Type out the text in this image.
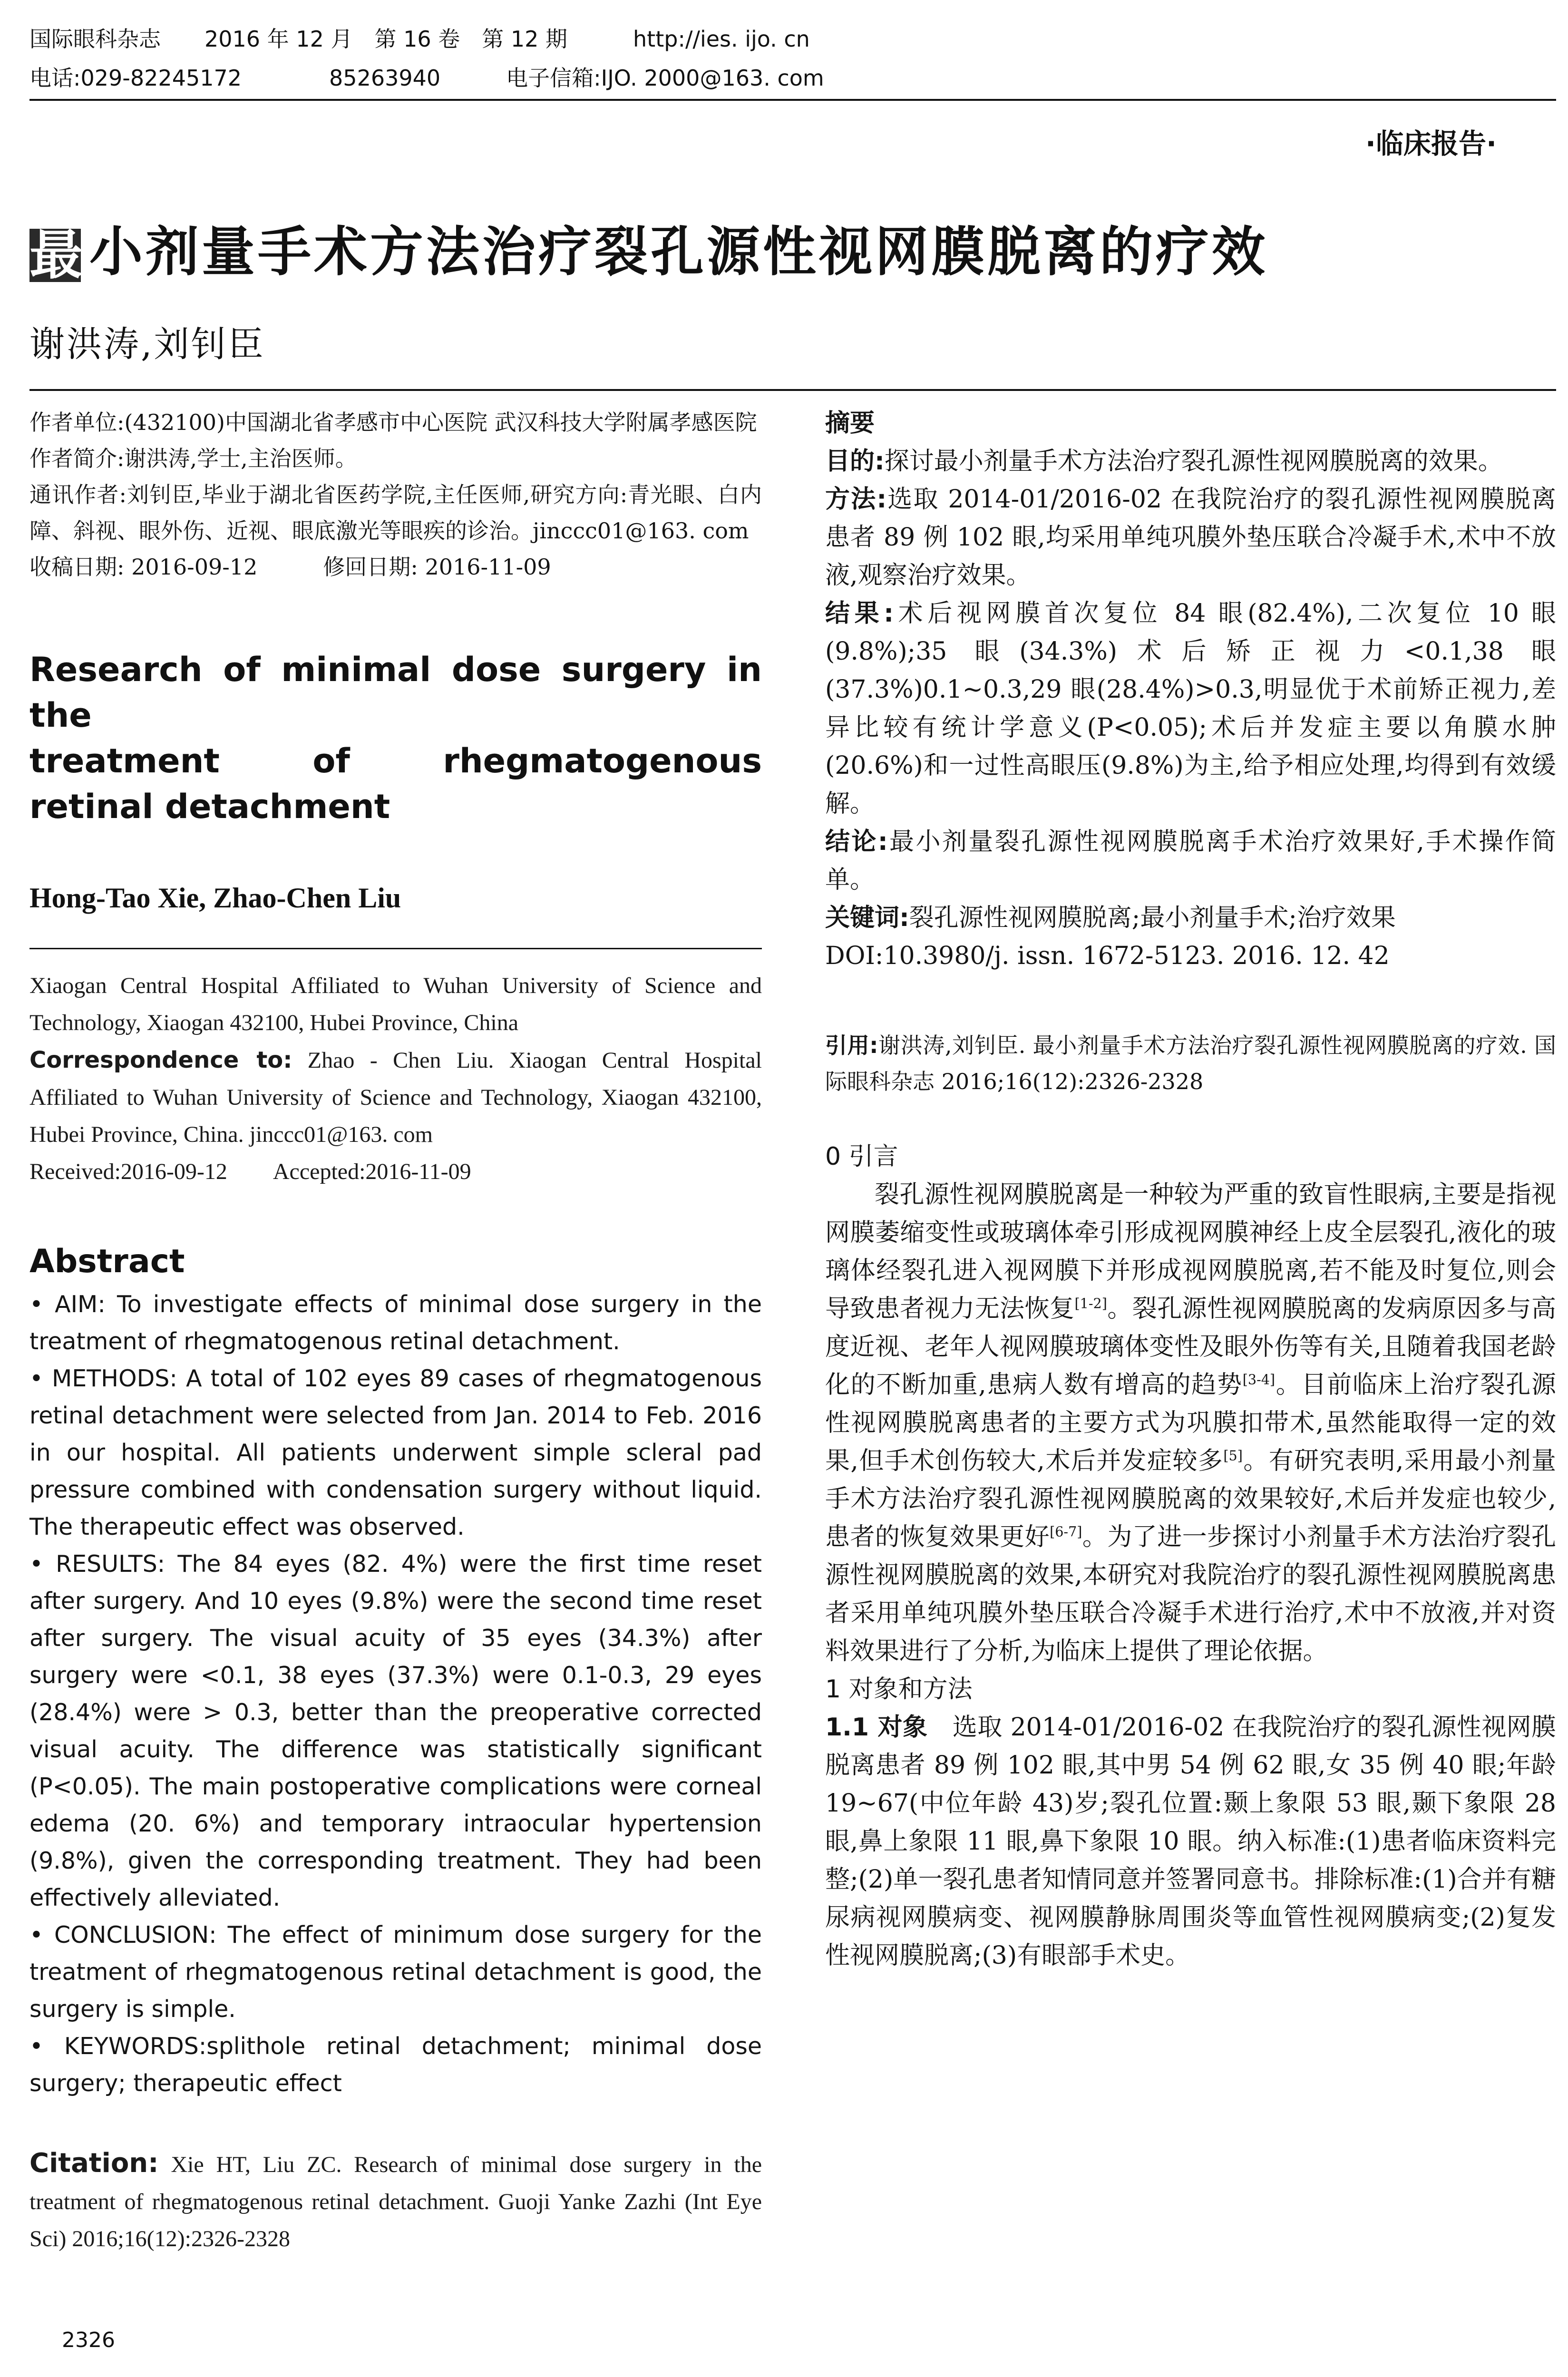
国际眼科杂志　　2016 年 12 月　第 16 卷　第 12 期　　　http://ies. ijo. cn
电话:029-82245172　　　　85263940　　　电子信箱:IJO. 2000@163. com
·临床报告·
最小剂量手术方法治疗裂孔源性视网膜脱离的疗效
谢洪涛,刘钊臣
作者单位:(432100)中国湖北省孝感市中心医院 武汉科技大学附属孝感医院
作者简介:谢洪涛,学士,主治医师。
通讯作者:刘钊臣,毕业于湖北省医药学院,主任医师,研究方向:青光眼、白内障、斜视、眼外伤、近视、眼底激光等眼疾的诊治。jinccc01@163. com
收稿日期: 2016-09-12　　　修回日期: 2016-11-09
Research of minimal dose surgery in the
treatment of rhegmatogenous
retinal detachment
Hong-Tao Xie, Zhao-Chen Liu
Xiaogan Central Hospital Affiliated to Wuhan University of Science and Technology, Xiaogan 432100, Hubei Province, China
Correspondence to: Zhao - Chen Liu. Xiaogan Central Hospital Affiliated to Wuhan University of Science and Technology, Xiaogan 432100, Hubei Province, China. jinccc01@163. com
Received:2016-09-12　　Accepted:2016-11-09
Abstract

• AIM: To investigate effects of minimal dose surgery in the treatment of rhegmatogenous retinal detachment.

• METHODS: A total of 102 eyes 89 cases of rhegmatogenous retinal detachment were selected from Jan. 2014 to Feb. 2016 in our hospital. All patients underwent simple scleral pad pressure combined with condensation surgery without liquid. The therapeutic effect was observed.

• RESULTS: The 84 eyes (82. 4%) were the first time reset after surgery. And 10 eyes (9.8%) were the second time reset after surgery. The visual acuity of 35 eyes (34.3%) after surgery were <0.1, 38 eyes (37.3%) were 0.1-0.3, 29 eyes (28.4%) were > 0.3, better than the preoperative corrected visual acuity. The difference was statistically significant (P<0.05). The main postoperative complications were corneal edema (20. 6%) and temporary intraocular hypertension (9.8%), given the corresponding treatment. They had been effectively alleviated.

• CONCLUSION: The effect of minimum dose surgery for the treatment of rhegmatogenous retinal detachment is good, the surgery is simple.

• KEYWORDS:splithole retinal detachment; minimal dose surgery; therapeutic effect

Citation: Xie HT, Liu ZC. Research of minimal dose surgery in the treatment of rhegmatogenous retinal detachment. Guoji Yanke Zazhi (Int Eye Sci) 2016;16(12):2326-2328
摘要

目的:探讨最小剂量手术方法治疗裂孔源性视网膜脱离的效果。

方法:选取 2014-01/2016-02 在我院治疗的裂孔源性视网膜脱离患者 89 例 102 眼,均采用单纯巩膜外垫压联合冷凝手术,术中不放液,观察治疗效果。

结果:术后视网膜首次复位 84 眼(82.4%),二次复位 10 眼(9.8%);35 眼(34.3%)术后矫正视力<0.1,38 眼(37.3%)0.1~0.3,29 眼(28.4%)>0.3,明显优于术前矫正视力,差异比较有统计学意义(P<0.05);术后并发症主要以角膜水肿(20.6%)和一过性高眼压(9.8%)为主,给予相应处理,均得到有效缓解。

结论:最小剂量裂孔源性视网膜脱离手术治疗效果好,手术操作简单。

关键词:裂孔源性视网膜脱离;最小剂量手术;治疗效果

DOI:10.3980/j. issn. 1672-5123. 2016. 12. 42

引用:谢洪涛,刘钊臣. 最小剂量手术方法治疗裂孔源性视网膜脱离的疗效. 国际眼科杂志 2016;16(12):2326-2328

0 引言

裂孔源性视网膜脱离是一种较为严重的致盲性眼病,主要是指视网膜萎缩变性或玻璃体牵引形成视网膜神经上皮全层裂孔,液化的玻璃体经裂孔进入视网膜下并形成视网膜脱离,若不能及时复位,则会导致患者视力无法恢复[1-2]。裂孔源性视网膜脱离的发病原因多与高度近视、老年人视网膜玻璃体变性及眼外伤等有关,且随着我国老龄化的不断加重,患病人数有增高的趋势[3-4]。目前临床上治疗裂孔源性视网膜脱离患者的主要方式为巩膜扣带术,虽然能取得一定的效果,但手术创伤较大,术后并发症较多[5]。有研究表明,采用最小剂量手术方法治疗裂孔源性视网膜脱离的效果较好,术后并发症也较少,患者的恢复效果更好[6-7]。为了进一步探讨小剂量手术方法治疗裂孔源性视网膜脱离的效果,本研究对我院治疗的裂孔源性视网膜脱离患者采用单纯巩膜外垫压联合冷凝手术进行治疗,术中不放液,并对资料效果进行了分析,为临床上提供了理论依据。

1 对象和方法

1.1 对象　选取 2014-01/2016-02 在我院治疗的裂孔源性视网膜脱离患者 89 例 102 眼,其中男 54 例 62 眼,女 35 例 40 眼;年龄 19~67(中位年龄 43)岁;裂孔位置:颞上象限 53 眼,颞下象限 28 眼,鼻上象限 11 眼,鼻下象限 10 眼。纳入标准:(1)患者临床资料完整;(2)单一裂孔患者知情同意并签署同意书。排除标准:(1)合并有糖尿病视网膜病变、视网膜静脉周围炎等血管性视网膜病变;(2)复发性视网膜脱离;(3)有眼部手术史。

2326
